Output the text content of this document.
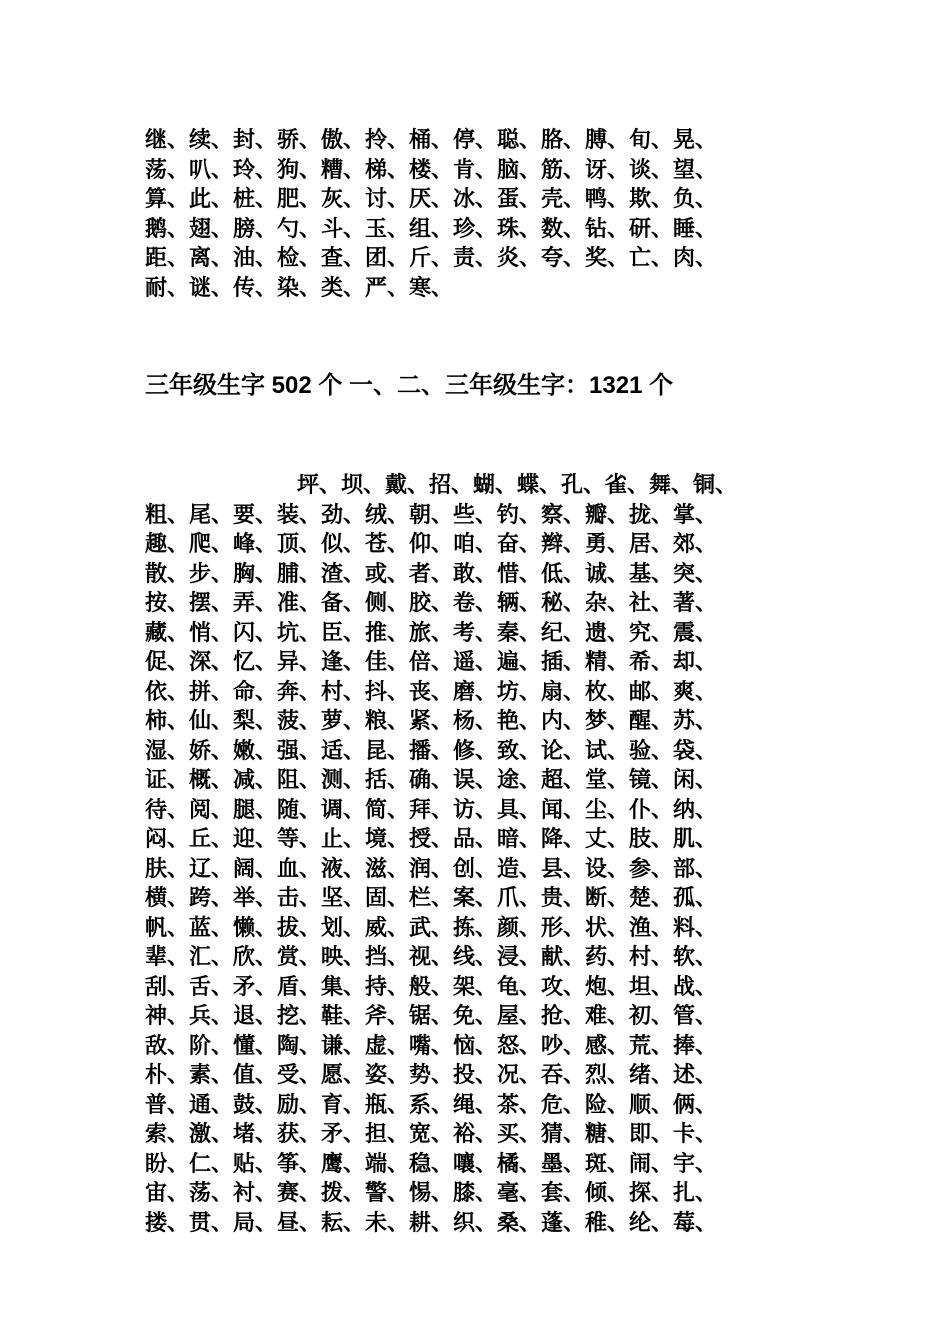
继、续、封、骄、傲、拎、桶、停、聪、胳、膊、旬、晃、
荡、叭、玲、狗、糟、梯、楼、肯、脑、筋、讶、谈、望、
算、此、桩、肥、灰、讨、厌、冰、蛋、壳、鸭、欺、负、
鹅、翅、膀、勺、斗、玉、组、珍、珠、数、钻、研、睡、
距、离、油、检、查、团、斤、责、炎、夸、奖、亡、肉、
耐、谜、传、染、类、严、寒、
三年级生字 502 个 一、二、三年级生字：1321 个
坪、坝、戴、招、蝴、蝶、孔、雀、舞、铜、
粗、尾、要、装、劲、绒、朝、些、钓、察、瓣、拢、掌、
趣、爬、峰、顶、似、苍、仰、咱、奋、辫、勇、居、郊、
散、步、胸、脯、渣、或、者、敢、惜、低、诚、基、突、
按、摆、弄、准、备、侧、胶、卷、辆、秘、杂、社、著、
藏、悄、闪、坑、臣、推、旅、考、秦、纪、遗、究、震、
促、深、忆、异、逢、佳、倍、遥、遍、插、精、希、却、
依、拼、命、奔、村、抖、丧、磨、坊、扇、枚、邮、爽、
柿、仙、梨、菠、萝、粮、紧、杨、艳、内、梦、醒、苏、
湿、娇、嫩、强、适、昆、播、修、致、论、试、验、袋、
证、概、减、阻、测、括、确、误、途、超、堂、镜、闲、
待、阅、腿、随、调、简、拜、访、具、闻、尘、仆、纳、
闷、丘、迎、等、止、境、授、品、暗、降、丈、肢、肌、
肤、辽、阔、血、液、滋、润、创、造、县、设、参、部、
横、跨、举、击、坚、固、栏、案、爪、贵、断、楚、孤、
帆、蓝、懒、拔、划、威、武、拣、颜、形、状、渔、料、
辈、汇、欣、赏、映、挡、视、线、浸、献、药、村、软、
刮、舌、矛、盾、集、持、般、架、龟、攻、炮、坦、战、
神、兵、退、挖、鞋、斧、锯、免、屋、抢、难、初、管、
敌、阶、懂、陶、谦、虚、嘴、恼、怒、吵、感、荒、捧、
朴、素、值、受、愿、姿、势、投、况、吞、烈、绪、述、
普、通、鼓、励、育、瓶、系、绳、茶、危、险、顺、俩、
索、激、堵、获、矛、担、宽、裕、买、猜、糖、即、卡、
盼、仁、贴、筝、鹰、端、稳、嚷、橘、墨、斑、闹、宇、
宙、荡、衬、赛、拨、警、惕、膝、毫、套、倾、探、扎、
搂、贯、局、昼、耘、未、耕、织、桑、蓬、稚、纶、莓、
